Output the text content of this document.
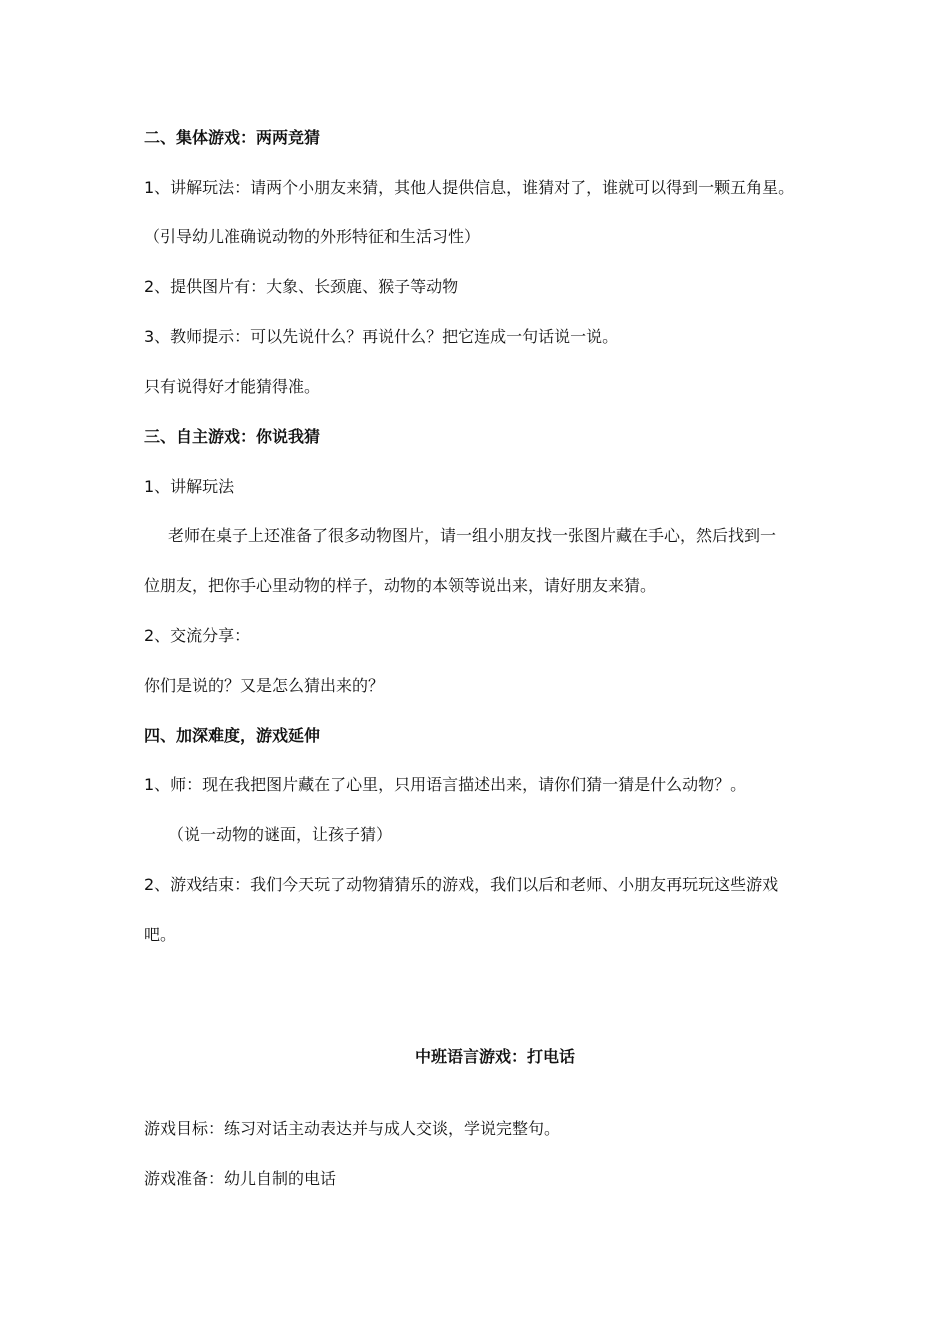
二、集体游戏：两两竞猜
1、讲解玩法：请两个小朋友来猜，其他人提供信息，谁猜对了，谁就可以得到一颗五角星。
（引导幼儿准确说动物的外形特征和生活习性）
2、提供图片有：大象、长颈鹿、猴子等动物
3、教师提示：可以先说什么？再说什么？把它连成一句话说一说。
只有说得好才能猜得准。
三、自主游戏：你说我猜
1、讲解玩法
老师在桌子上还准备了很多动物图片，请一组小朋友找一张图片藏在手心，然后找到一
位朋友，把你手心里动物的样子，动物的本领等说出来，请好朋友来猜。
2、交流分享：
你们是说的？又是怎么猜出来的？
四、加深难度，游戏延伸
1、师：现在我把图片藏在了心里，只用语言描述出来，请你们猜一猜是什么动物？。
（说一动物的谜面，让孩子猜）
2、游戏结束：我们今天玩了动物猜猜乐的游戏，我们以后和老师、小朋友再玩玩这些游戏
吧。
中班语言游戏：打电话
游戏目标：练习对话主动表达并与成人交谈，学说完整句。
游戏准备：幼儿自制的电话
